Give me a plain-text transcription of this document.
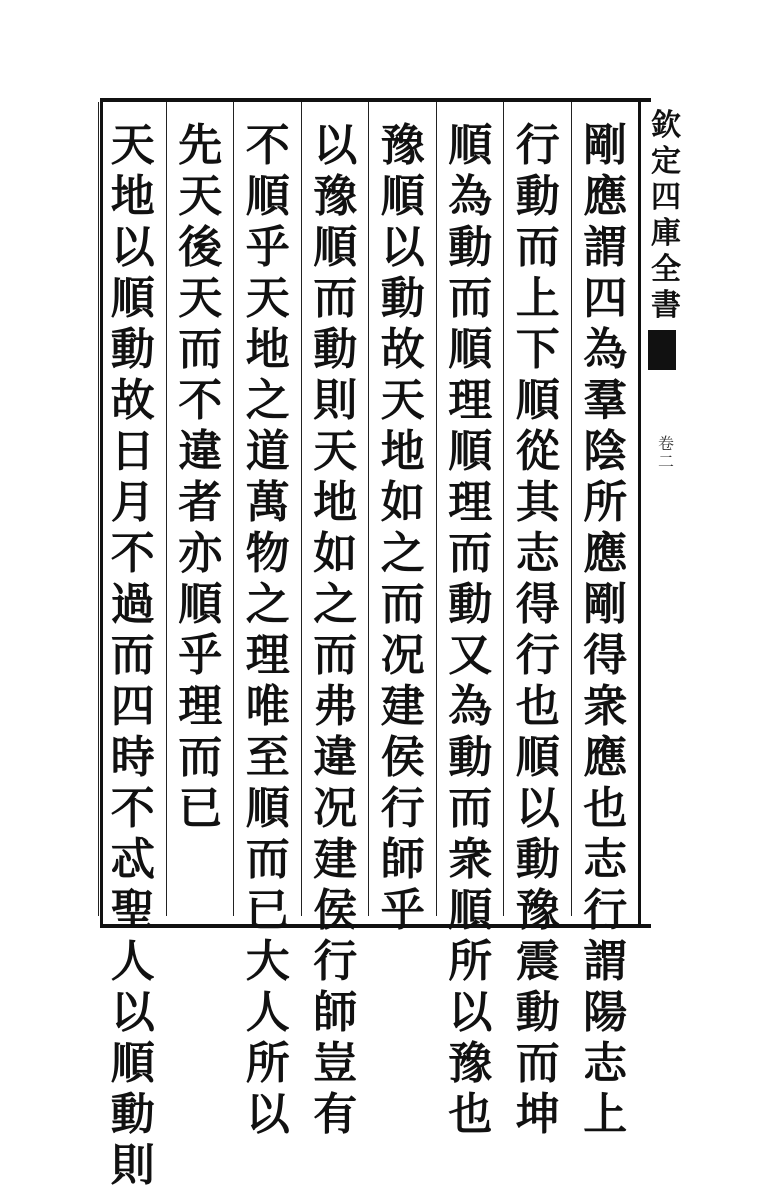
欽
定
四
庫
全
書
卷
二
剛
應
謂
四
為
羣
陰
所
應
剛
得
衆
應
也
志
行
謂
陽
志
上
行
動
而
上
下
順
從
其
志
得
行
也
順
以
動
豫
震
動
而
坤
順
為
動
而
順
理
順
理
而
動
又
為
動
而
衆
順
所
以
豫
也
豫
順
以
動
故
天
地
如
之
而
况
建
侯
行
師
乎
以
豫
順
而
動
則
天
地
如
之
而
弗
違
况
建
侯
行
師
豈
有
不
順
乎
天
地
之
道
萬
物
之
理
唯
至
順
而
已
大
人
所
以
先
天
後
天
而
不
違
者
亦
順
乎
理
而
已
天
地
以
順
動
故
日
月
不
過
而
四
時
不
忒
聖
人
以
順
動
則
